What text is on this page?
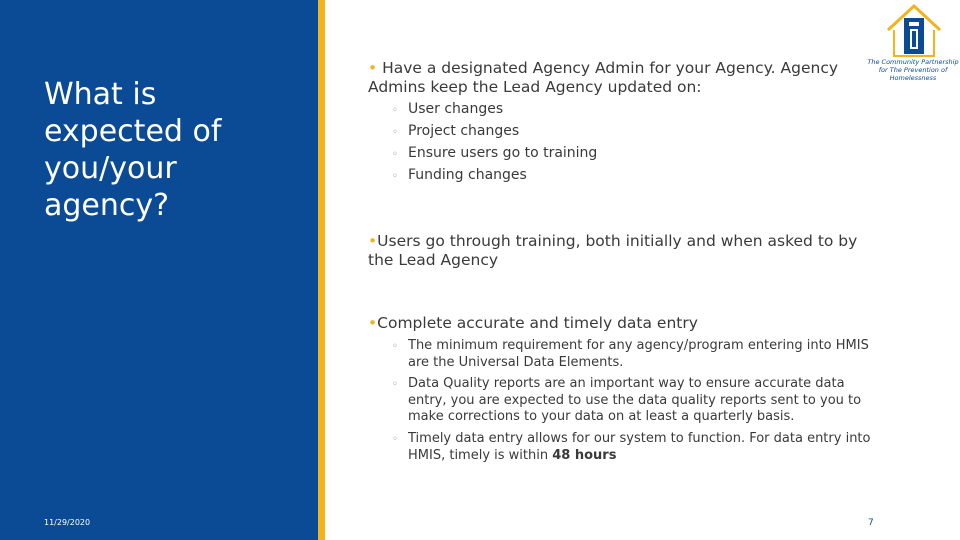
What is expected of you/your agency?
11/29/2020
The Community Partnership for The Prevention of Homelessness
• Have a designated Agency Admin for your Agency. Agency Admins keep the Lead Agency updated on:
◦ User changes
◦ Project changes
◦ Ensure users go to training
◦ Funding changes
•Users go through training, both initially and when asked to by the Lead Agency
•Complete accurate and timely data entry
◦ The minimum requirement for any agency/program entering into HMIS are the Universal Data Elements.
◦ Data Quality reports are an important way to ensure accurate data entry, you are expected to use the data quality reports sent to you to make corrections to your data on at least a quarterly basis.
◦ Timely data entry allows for our system to function. For data entry into HMIS, timely is within 48 hours
7
